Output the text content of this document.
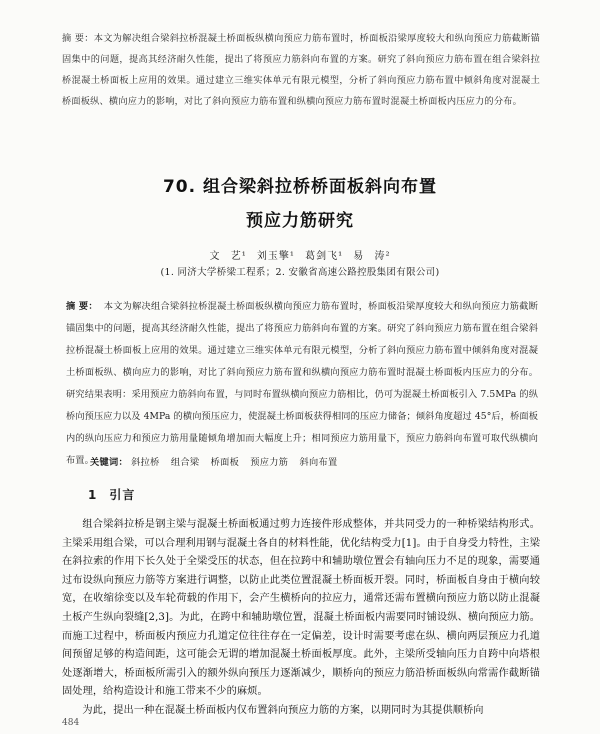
摘 要：本文为解决组合梁斜拉桥混凝土桥面板纵横向预应力筋布置时，桥面板沿梁厚度较大和纵向预应力筋截断锚固集中的问题，提高其经济耐久性能，提出了将预应力筋斜向布置的方案。研究了斜向预应力筋布置在组合梁斜拉桥混凝土桥面板上应用的效果。通过建立三维实体单元有限元模型，分析了斜向预应力筋布置中倾斜角度对混凝土桥面板纵、横向应力的影响，对比了斜向预应力筋布置和纵横向预应力筋布置时混凝土桥面板内压应力的分布。
70. 组合梁斜拉桥桥面板斜向布置
预应力筋研究
文 艺¹ 刘玉擎¹ 葛剑飞¹ 易 涛²
(1. 同济大学桥梁工程系；2. 安徽省高速公路控股集团有限公司)
摘 要： 本文为解决组合梁斜拉桥混凝土桥面板纵横向预应力筋布置时，桥面板沿梁厚度较大和纵向预应力筋截断锚固集中的问题，提高其经济耐久性能，提出了将预应力筋斜向布置的方案。研究了斜向预应力筋布置在组合梁斜拉桥混凝土桥面板上应用的效果。通过建立三维实体单元有限元模型，分析了斜向预应力筋布置中倾斜角度对混凝土桥面板纵、横向应力的影响，对比了斜向预应力筋布置和纵横向预应力筋布置时混凝土桥面板内压应力的分布。研究结果表明：采用预应力筋斜向布置，与同时布置纵横向预应力筋相比，仍可为混凝土桥面板引入 7.5MPa 的纵桥向预压应力以及 4MPa 的横向预压应力，使混凝土桥面板获得相同的压应力储备；倾斜角度超过 45°后，桥面板内的纵向压应力和预应力筋用量随倾角增加而大幅度上升；相同预应力筋用量下，预应力筋斜向布置可取代纵横向布置。
关键词： 斜拉桥 组合梁 桥面板 预应力筋 斜向布置
1 引言

组合梁斜拉桥是钢主梁与混凝土桥面板通过剪力连接件形成整体，并共同受力的一种桥梁结构形式。主梁采用组合梁，可以合理利用钢与混凝土各自的材料性能，优化结构受力[1]。由于自身受力特性，主梁在斜拉索的作用下长久处于全梁受压的状态，但在拉跨中和辅助墩位置会有轴向压力不足的现象，需要通过布设纵向预应力筋等方案进行调整，以防止此类位置混凝土桥面板开裂。同时，桥面板自身由于横向较宽，在收缩徐变以及车轮荷载的作用下，会产生横桥向的拉应力，通常还需布置横向预应力筋以防止混凝土板产生纵向裂缝[2,3]。为此，在跨中和辅助墩位置，混凝土桥面板内需要同时铺设纵、横向预应力筋。而施工过程中，桥面板内预应力孔道定位往往存在一定偏差，设计时需要考虑在纵、横向两层预应力孔道间预留足够的构造间距，这可能会无谓的增加混凝土桥面板厚度。此外，主梁所受轴向压力自跨中向塔根处逐渐增大，桥面板所需引入的额外纵向预压力逐渐减少，顺桥向的预应力筋沿桥面板纵向常需作截断锚固处理，给构造设计和施工带来不少的麻烦。

为此，提出一种在混凝土桥面板内仅布置斜向预应力筋的方案，以期同时为其提供顺桥向

484
